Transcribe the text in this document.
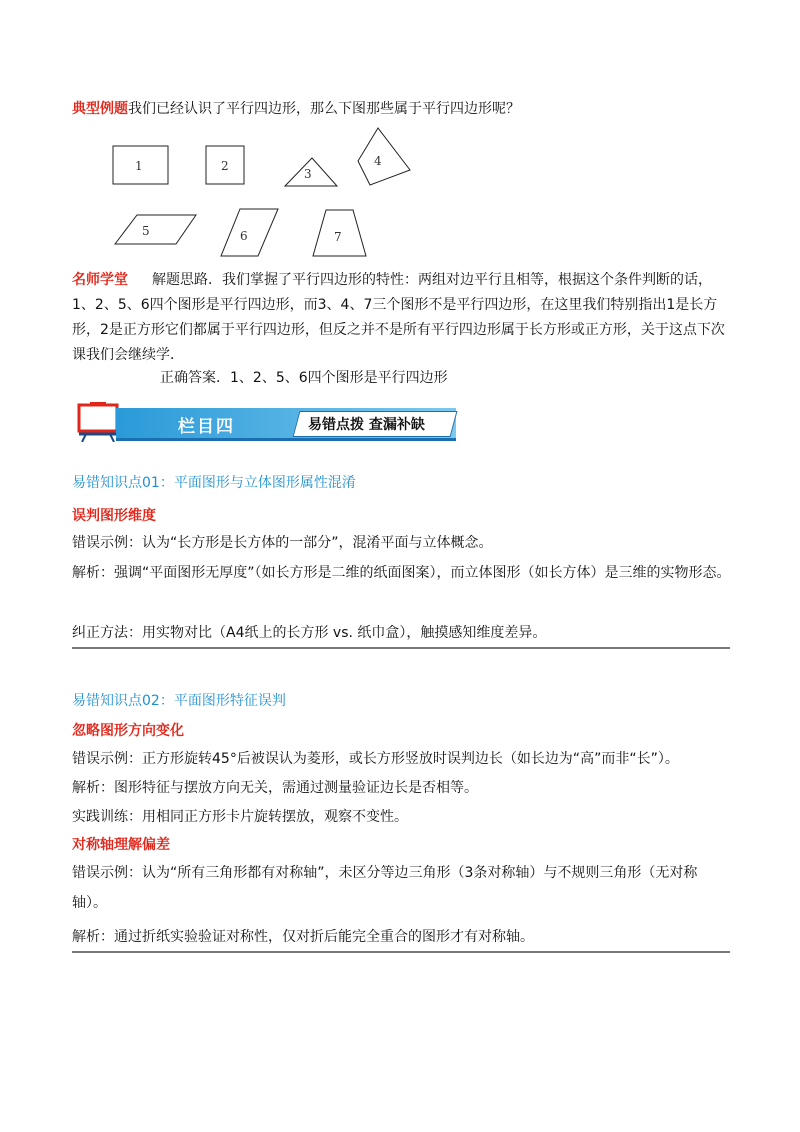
典型例题我们已经认识了平行四边形，那么下图那些属于平行四边形呢？
1	2
3
4
5	6	7
名师学堂 解题思路．我们掌握了平行四边形的特性：两组对边平行且相等，根据这个条件判断的话，1、2、5、6四个图形是平行四边形，而3、4、7三个图形不是平行四边形，在这里我们特别指出1是长方形，2是正方形它们都属于平行四边形，但反之并不是所有平行四边形属于长方形或正方形，关于这点下次课我们会继续学．
正确答案．1、2、5、6四个图形是平行四边形
栏目四	易错点拨 查漏补缺
易错知识点01：平面图形与立体图形属性混淆
误判图形维度
错误示例：认为“长方形是长方体的一部分”，混淆平面与立体概念。
解析：强调“平面图形无厚度”（如长方形是二维的纸面图案），而立体图形（如长方体）是三维的实物形态。
纠正方法：用实物对比（A4纸上的长方形 vs. 纸巾盒），触摸感知维度差异。
易错知识点02：平面图形特征误判
忽略图形方向变化
错误示例：正方形旋转45°后被误认为菱形，或长方形竖放时误判边长（如长边为“高”而非“长”）。
解析：图形特征与摆放方向无关，需通过测量验证边长是否相等。
实践训练：用相同正方形卡片旋转摆放，观察不变性。
对称轴理解偏差
错误示例：认为“所有三角形都有对称轴”，未区分等边三角形（3条对称轴）与不规则三角形（无对称轴）。
解析：通过折纸实验验证对称性，仅对折后能完全重合的图形才有对称轴。
